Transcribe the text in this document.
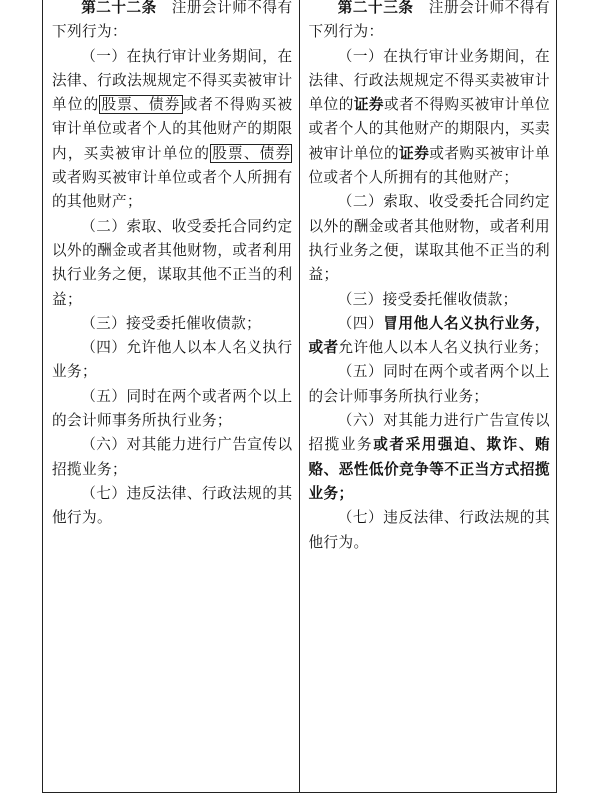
第二十二条　 注册会计师不得有下列行为：

（一）在执行审计业务期间，在法律、行政法规规定不得买卖被审计单位的 股票、债券 或者不得购买被审计单位或者个人的其他财产的期限内，买卖被审计单位的 股票、债券或者购买被审计单位或者个人所拥有的其他财产；

（二）索取、收受委托合同约定以外的酬金或者其他财物，或者利用执行业务之便，谋取其他不正当的利益；

（三）接受委托催收债款；

（四）允许他人以本人名义执行业务；

（五）同时在两个或者两个以上的会计师事务所执行业务；

（六）对其能力进行广告宣传以招揽业务；

（七）违反法律、行政法规的其他行为。

第二十三条　 注册会计师不得有下列行为：

（一）在执行审计业务期间，在法律、行政法规规定不得买卖被审计单位的证券或者不得购买被审计单位或者个人的其他财产的期限内，买卖被审计单位的证券或者购买被审计单位或者个人所拥有的其他财产；

（二）索取、收受委托合同约定以外的酬金或者其他财物，或者利用执行业务之便，谋取其他不正当的利益；

（三）接受委托催收债款；

（四）冒用他人名义执行业务，或者允许他人以本人名义执行业务；

（五）同时在两个或者两个以上的会计师事务所执行业务；

（六）对其能力进行广告宣传以招揽业务或者采用强迫、欺诈、贿赂、恶性低价竞争等不正当方式招揽业务；

（七）违反法律、行政法规的其他行为。
